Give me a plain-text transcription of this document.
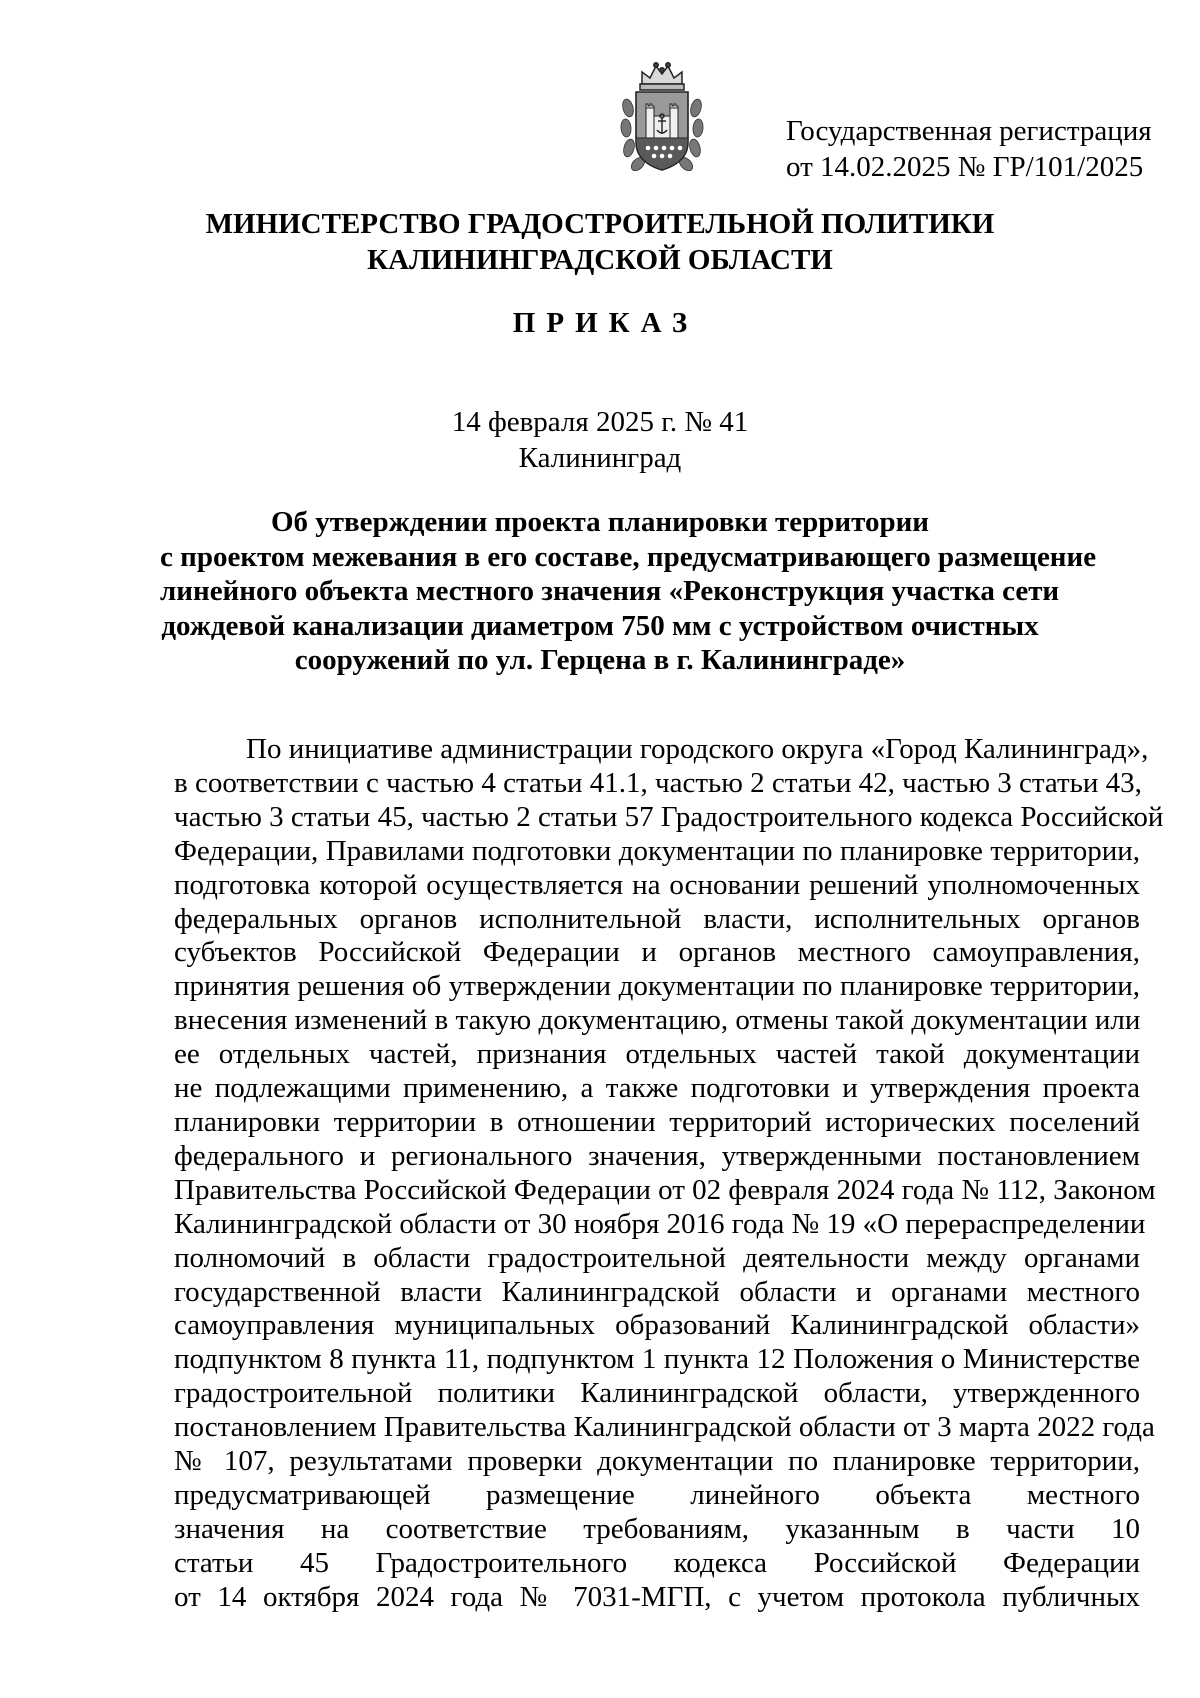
Государственная регистрация
от 14.02.2025 № ГР/101/2025
МИНИСТЕРСТВО ГРАДОСТРОИТЕЛЬНОЙ ПОЛИТИКИ
КАЛИНИНГРАДСКОЙ ОБЛАСТИ
ПРИКАЗ
14 февраля 2025 г. № 41
Калининград
Об утверждении проекта планировки территории
с проектом межевания в его составе, предусматривающего размещение
линейного объекта местного значения «Реконструкция участка сети
дождевой канализации диаметром 750 мм с устройством очистных
сооружений по ул. Герцена в г. Калининграде»
По инициативе администрации городского округа «Город Калининград»,
в соответствии с частью 4 статьи 41.1, частью 2 статьи 42, частью 3 статьи 43,
частью 3 статьи 45, частью 2 статьи 57 Градостроительного кодекса Российской
Федерации, Правилами подготовки документации по планировке территории,
подготовка которой осуществляется на основании решений уполномоченных
федеральных органов исполнительной власти, исполнительных органов
субъектов Российской Федерации и органов местного самоуправления,
принятия решения об утверждении документации по планировке территории,
внесения изменений в такую документацию, отмены такой документации или
ее отдельных частей, признания отдельных частей такой документации
не подлежащими применению, а также подготовки и утверждения проекта
планировки территории в отношении территорий исторических поселений
федерального и регионального значения, утвержденными постановлением
Правительства Российской Федерации от 02 февраля 2024 года № 112, Законом
Калининградской области от 30 ноября 2016 года № 19 «О перераспределении
полномочий в области градостроительной деятельности между органами
государственной власти Калининградской области и органами местного
самоуправления муниципальных образований Калининградской области»
подпунктом 8 пункта 11, подпунктом 1 пункта 12 Положения о Министерстве
градостроительной политики Калининградской области, утвержденного
постановлением Правительства Калининградской области от 3 марта 2022 года
№ 107, результатами проверки документации по планировке территории,
предусматривающей размещение линейного объекта местного
значения на соответствие требованиям, указанным в части 10
статьи 45 Градостроительного кодекса Российской Федерации
от 14 октября 2024 года № 7031-МГП, с учетом протокола публичных
